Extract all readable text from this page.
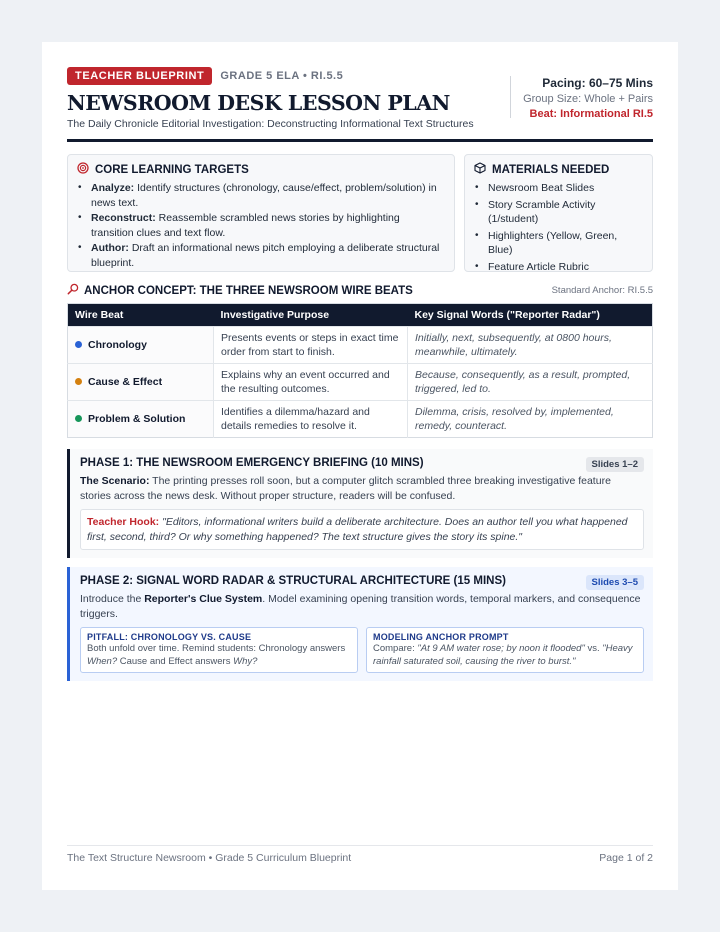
TEACHER BLUEPRINT	GRADE 5 ELA • RI.5.5
NEWSROOM DESK LESSON PLAN
The Daily Chronicle Editorial Investigation: Deconstructing Informational Text Structures
Pacing: 60–75 Mins
Group Size: Whole + Pairs
Beat: Informational RI.5
CORE LEARNING TARGETS
• Analyze: Identify structures (chronology, cause/effect, problem/solution) in news text.
• Reconstruct: Reassemble scrambled news stories by highlighting transition clues and text flow.
• Author: Draft an informational news pitch employing a deliberate structural blueprint.
MATERIALS NEEDED
• Newsroom Beat Slides
• Story Scramble Activity (1/student)
• Highlighters (Yellow, Green, Blue)
• Feature Article Rubric
ANCHOR CONCEPT: THE THREE NEWSROOM WIRE BEATS	Standard Anchor: RI.5.5
Wire Beat	Investigative Purpose	Key Signal Words ("Reporter Radar")
Chronology	Presents events or steps in exact time order from start to finish.	Initially, next, subsequently, at 0800 hours, meanwhile, ultimately.
Cause & Effect	Explains why an event occurred and the resulting outcomes.	Because, consequently, as a result, prompted, triggered, led to.
Problem & Solution	Identifies a dilemma/hazard and details remedies to resolve it.	Dilemma, crisis, resolved by, implemented, remedy, counteract.
PHASE 1: THE NEWSROOM EMERGENCY BRIEFING (10 MINS)	Slides 1–2
The Scenario: The printing presses roll soon, but a computer glitch scrambled three breaking investigative feature stories across the news desk. Without proper structure, readers will be confused.
Teacher Hook: "Editors, informational writers build a deliberate architecture. Does an author tell you what happened first, second, third? Or why something happened? The text structure gives the story its spine."
PHASE 2: SIGNAL WORD RADAR & STRUCTURAL ARCHITECTURE (15 MINS)	Slides 3–5
Introduce the Reporter's Clue System. Model examining opening transition words, temporal markers, and consequence triggers.
PITFALL: CHRONOLOGY VS. CAUSE
Both unfold over time. Remind students: Chronology answers When? Cause and Effect answers Why?
MODELING ANCHOR PROMPT
Compare: "At 9 AM water rose; by noon it flooded" vs. "Heavy rainfall saturated soil, causing the river to burst."
The Text Structure Newsroom • Grade 5 Curriculum Blueprint	Page 1 of 2
